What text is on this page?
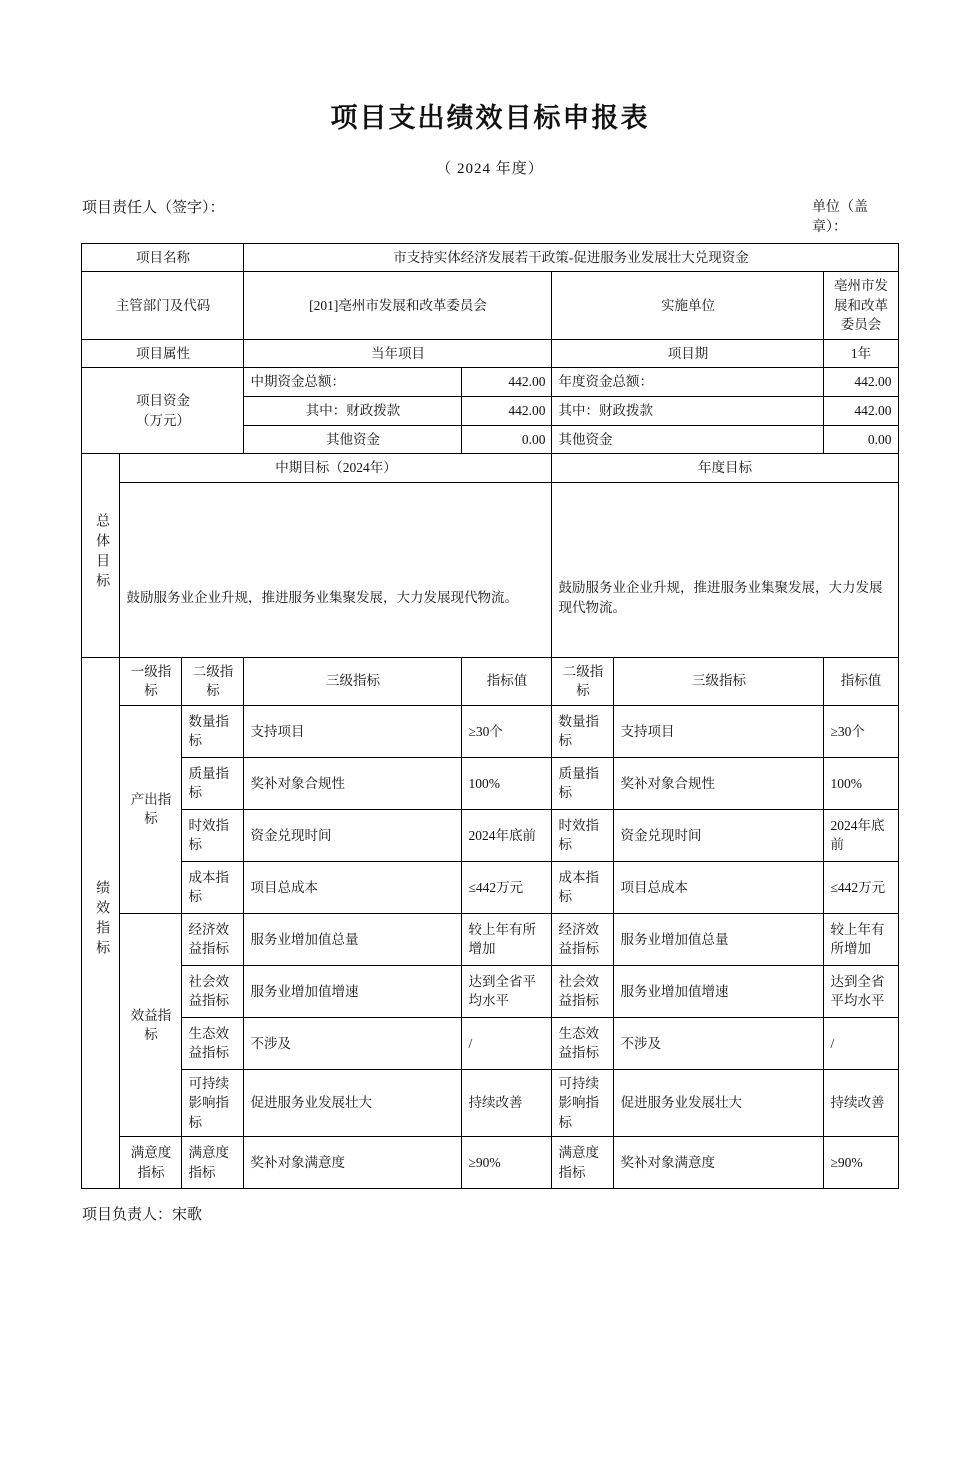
项目支出绩效目标申报表
（ 2024 年度）
项目责任人（签字）：	单位（盖章）：
项目名称			市支持实体经济发展若干政策-促进服务业发展壮大兑现资金				
主管部门及代码			[201]亳州市发展和改革委员会		实施单位		亳州市发展和改革委员会
项目属性			当年项目		项目期		1年

项目资金
（万元）			中期资金总额：	442.00	年度资金总额：		442.00
			其中：财政拨款	442.00	其中：财政拨款		442.00
			其他资金	0.00	其他资金		0.00
总体目标	中期目标（2024年）				年度目标		
	鼓励服务业企业升规，推进服务业集聚发展，大力发展现代物流。				鼓励服务业企业升规，推进服务业集聚发展，大力发展现代物流。		
绩效指标	一级指标	二级指标	三级指标	指标值	二级指标	三级指标	指标值
	产出指标	数量指标	支持项目	≥30个	数量指标	支持项目	≥30个
		质量指标	奖补对象合规性	100%	质量指标	奖补对象合规性	100%
		时效指标	资金兑现时间	2024年底前	时效指标	资金兑现时间	2024年底前
		成本指标	项目总成本	≤442万元	成本指标	项目总成本	≤442万元
	效益指标	经济效益指标	服务业增加值总量	较上年有所增加	经济效益指标	服务业增加值总量	较上年有所增加
		社会效益指标	服务业增加值增速	达到全省平均水平	社会效益指标	服务业增加值增速	达到全省平均水平
		生态效益指标	不涉及	/	生态效益指标	不涉及	/
		可持续影响指标	促进服务业发展壮大	持续改善	可持续影响指标	促进服务业发展壮大	持续改善
	满意度指标	满意度指标	奖补对象满意度	≥90%	满意度指标	奖补对象满意度	≥90%
项目负责人：宋歌
